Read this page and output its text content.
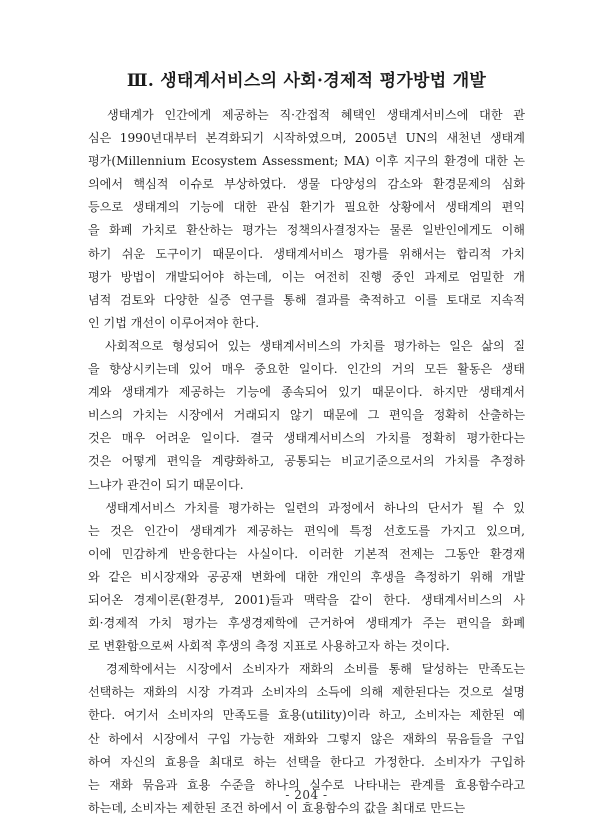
Ⅲ. 생태계서비스의 사회·경제적 평가방법 개발
　생태계가 인간에게 제공하는 직·간접적 혜택인 생태계서비스에 대한 관
심은 1990년대부터 본격화되기 시작하였으며, 2005년 UN의 새천년 생태계
평가(Millennium Ecosystem Assessment; MA) 이후 지구의 환경에 대한 논
의에서 핵심적 이슈로 부상하였다. 생물 다양성의 감소와 환경문제의 심화
등으로 생태계의 기능에 대한 관심 환기가 필요한 상황에서 생태계의 편익
을 화폐 가치로 환산하는 평가는 정책의사결정자는 물론 일반인에게도 이해
하기 쉬운 도구이기 때문이다. 생태계서비스 평가를 위해서는 합리적 가치
평가 방법이 개발되어야 하는데, 이는 여전히 진행 중인 과제로 엄밀한 개
념적 검토와 다양한 실증 연구를 통해 결과를 축적하고 이를 토대로 지속적
인 기법 개선이 이루어져야 한다.
　사회적으로 형성되어 있는 생태계서비스의 가치를 평가하는 일은 삶의 질
을 향상시키는데 있어 매우 중요한 일이다. 인간의 거의 모든 활동은 생태
계와 생태계가 제공하는 기능에 종속되어 있기 때문이다. 하지만 생태계서
비스의 가치는 시장에서 거래되지 않기 때문에 그 편익을 정확히 산출하는
것은 매우 어려운 일이다. 결국 생태계서비스의 가치를 정확히 평가한다는
것은 어떻게 편익을 계량화하고, 공통되는 비교기준으로서의 가치를 추정하
느냐가 관건이 되기 때문이다.
　생태계서비스 가치를 평가하는 일련의 과정에서 하나의 단서가 될 수 있
는 것은 인간이 생태계가 제공하는 편익에 특정 선호도를 가지고 있으며,
이에 민감하게 반응한다는 사실이다. 이러한 기본적 전제는 그동안 환경재
와 같은 비시장재와 공공재 변화에 대한 개인의 후생을 측정하기 위해 개발
되어온 경제이론(환경부, 2001)들과 맥락을 같이 한다. 생태계서비스의 사
회·경제적 가치 평가는 후생경제학에 근거하여 생태계가 주는 편익을 화폐
로 변환함으로써 사회적 후생의 측정 지표로 사용하고자 하는 것이다.
　경제학에서는 시장에서 소비자가 재화의 소비를 통해 달성하는 만족도는
선택하는 재화의 시장 가격과 소비자의 소득에 의해 제한된다는 것으로 설명
한다. 여기서 소비자의 만족도를 효용(utility)이라 하고, 소비자는 제한된 예
산 하에서 시장에서 구입 가능한 재화와 그렇지 않은 재화의 묶음들을 구입
하여 자신의 효용을 최대로 하는 선택을 한다고 가정한다. 소비자가 구입하
는 재화 묶음과 효용 수준을 하나의 실수로 나타내는 관계를 효용함수라고
하는데, 소비자는 제한된 조건 하에서 이 효용함수의 값을 최대로 만드는
- 204 -
